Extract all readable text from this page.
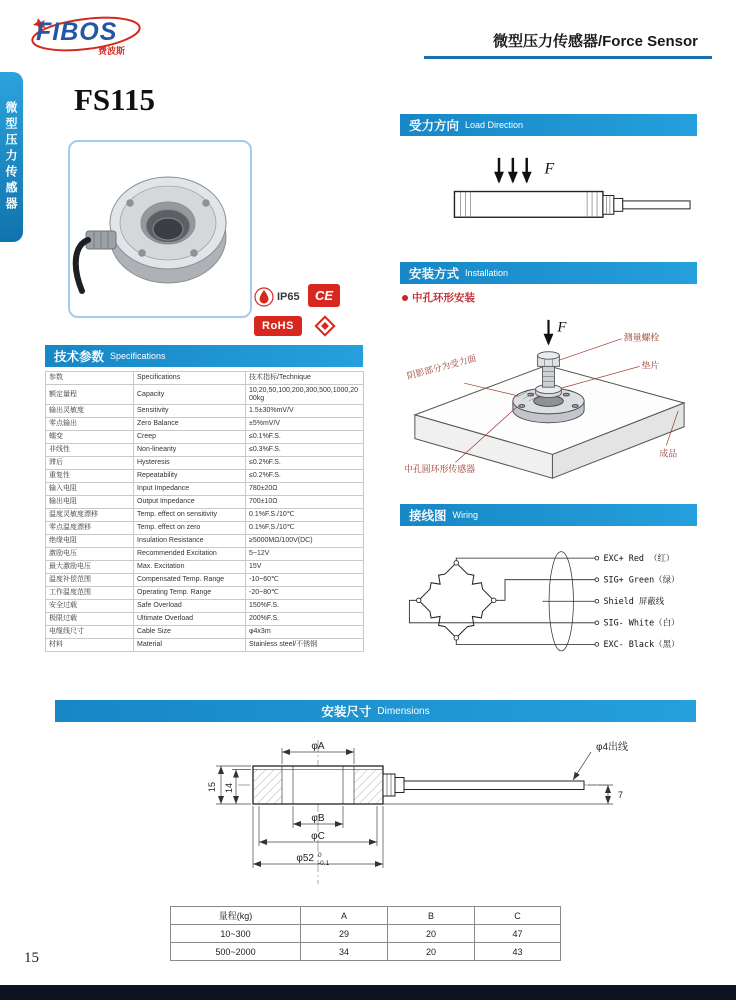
FIBOS
费波斯
微型压力传感器/Force Sensor
微型压力传感器
FS115
IP65 CE
RoHS
技术参数 Specifications
参数	Specifications	技术指标/Technique
额定量程	Capacity	10,20,50,100,200,300,500,1000,2000kg
输出灵敏度	Sensitivity	1.5±30%mV/V
零点输出	Zero Balance	±5%mV/V
蠕变	Creep	≤0.1%F.S.
非线性	Non-linearity	≤0.3%F.S.
滞后	Hysteresis	≤0.2%F.S.
重复性	Repeatability	≤0.2%F.S.
输入电阻	Input Impedance	780±20Ω
输出电阻	Output Impedance	700±10Ω
温度灵敏度漂移	Temp. effect on sensitivity	0.1%F.S./10℃
零点温度漂移	Temp. effect on zero	0.1%F.S./10℃
绝缘电阻	Insulation Resistance	≥5000MΩ/100V(DC)
激励电压	Recommended Excitation	5~12V
最大激励电压	Max. Excitation	15V
温度补偿范围	Compensated Temp. Range	-10~60℃
工作温度范围	Operating Temp. Range	-20~80℃
安全过载	Safe Overload	150%F.S.
极限过载	Ultimate Overload	200%F.S.
电缆线尺寸	Cable Size	φ4x3m
材料	Material	Stainless steel/不锈钢
受力方向 Load Direction
F
安装方式 Installation
中孔环形安装
F
测量螺栓
垫片
成品
中孔圆环形传感器
阴影部分为受力面
接线图 Wiring
EXC+ Red （红）
SIG+ Green（绿）
Shield 屏蔽线
SIG- White（白）
EXC- Black（黑）
安装尺寸 Dimensions
φA
φB
φC
15 14
7
φ52 0
-0.1
φ4出线
量程(kg)	A	B	C
10~300	29	20	47
500~2000	34	20	43
15
